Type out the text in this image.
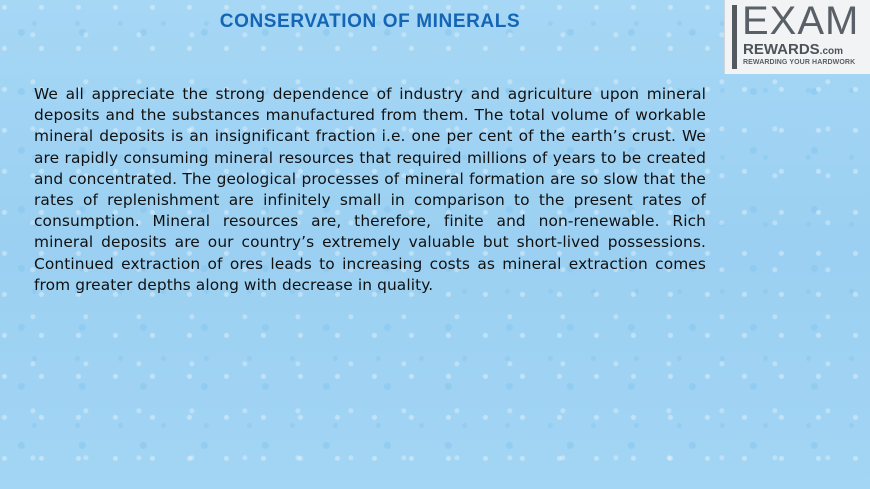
CONSERVATION OF MINERALS	EXAM
REWARDS.com
REWARDING YOUR HARDWORK

We all appreciate the strong dependence of industry and agriculture upon mineral deposits and the substances manufactured from them. The total volume of workable mineral deposits is an insignificant fraction i.e. one per cent of the earth’s crust. We are rapidly consuming mineral resources that required millions of years to be created and concentrated. The geological processes of mineral formation are so slow that the rates of replenishment are infinitely small in comparison to the present rates of consumption. Mineral resources are, therefore, finite and non-renewable. Rich mineral deposits are our country’s extremely valuable but short-lived possessions. Continued extraction of ores leads to increasing costs as mineral extraction comes from greater depths along with decrease in quality.
